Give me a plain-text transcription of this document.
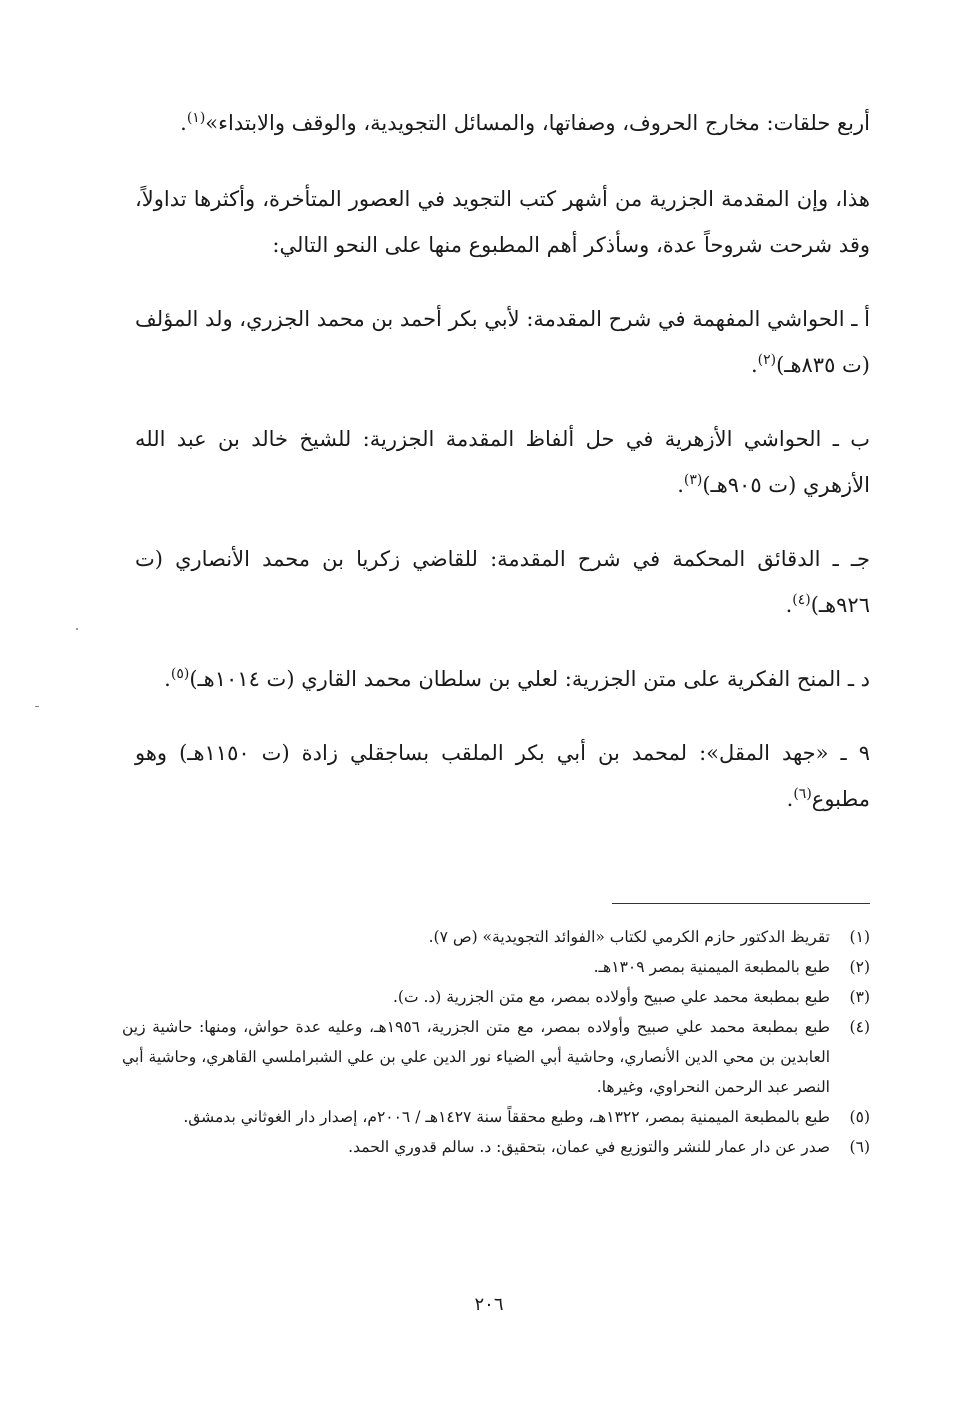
أربع حلقات: مخارج الحروف، وصفاتها، والمسائل التجويدية، والوقف والابتداء»$^{(١)}$.

هذا، وإن المقدمة الجزرية من أشهر كتب التجويد في العصور المتأخرة، وأكثرها تداولاً، وقد شرحت شروحاً عدة، وسأذكر أهم المطبوع منها على النحو التالي:

أ ـ الحواشي المفهمة في شرح المقدمة: لأبي بكر أحمد بن محمد الجزري، ولد المؤلف (ت ٨٣٥هـ)$^{(٢)}$.

ب ـ الحواشي الأزهرية في حل ألفاظ المقدمة الجزرية: للشيخ خالد بن عبد الله الأزهري (ت ٩٠٥هـ)$^{(٣)}$.

جـ ـ الدقائق المحكمة في شرح المقدمة: للقاضي زكريا بن محمد الأنصاري (ت ٩٢٦هـ)$^{(٤)}$.

د ـ المنح الفكرية على متن الجزرية: لعلي بن سلطان محمد القاري (ت ١٠١٤هـ)$^{(٥)}$.

٩ ـ «جهد المقل»: لمحمد بن أبي بكر الملقب بساجقلي زادة (ت ١١٥٠هـ) وهو مطبوع$^{(٦)}$.

(١)
تقريظ الدكتور حازم الكرمي لكتاب «الفوائد التجويدية» (ص ٧).
(٢)
طبع بالمطبعة الميمنية بمصر ١٣٠٩هـ.
(٣)
طبع بمطبعة محمد علي صبيح وأولاده بمصر، مع متن الجزرية (د. ت).
(٤)
طبع بمطبعة محمد علي صبيح وأولاده بمصر، مع متن الجزرية، ١٩٥٦هـ، وعليه عدة حواش، ومنها: حاشية زين العابدين بن محي الدين الأنصاري، وحاشية أبي الضياء نور الدين علي بن علي الشبراملسي القاهري، وحاشية أبي النصر عبد الرحمن النحراوي، وغيرها.
(٥)
طبع بالمطبعة الميمنية بمصر، ١٣٢٢هـ، وطبع محققاً سنة ١٤٢٧هـ / ٢٠٠٦م، إصدار دار الغوثاني بدمشق.
(٦)
صدر عن دار عمار للنشر والتوزيع في عمان، بتحقيق: د. سالم قدوري الحمد.
٢٠٦
